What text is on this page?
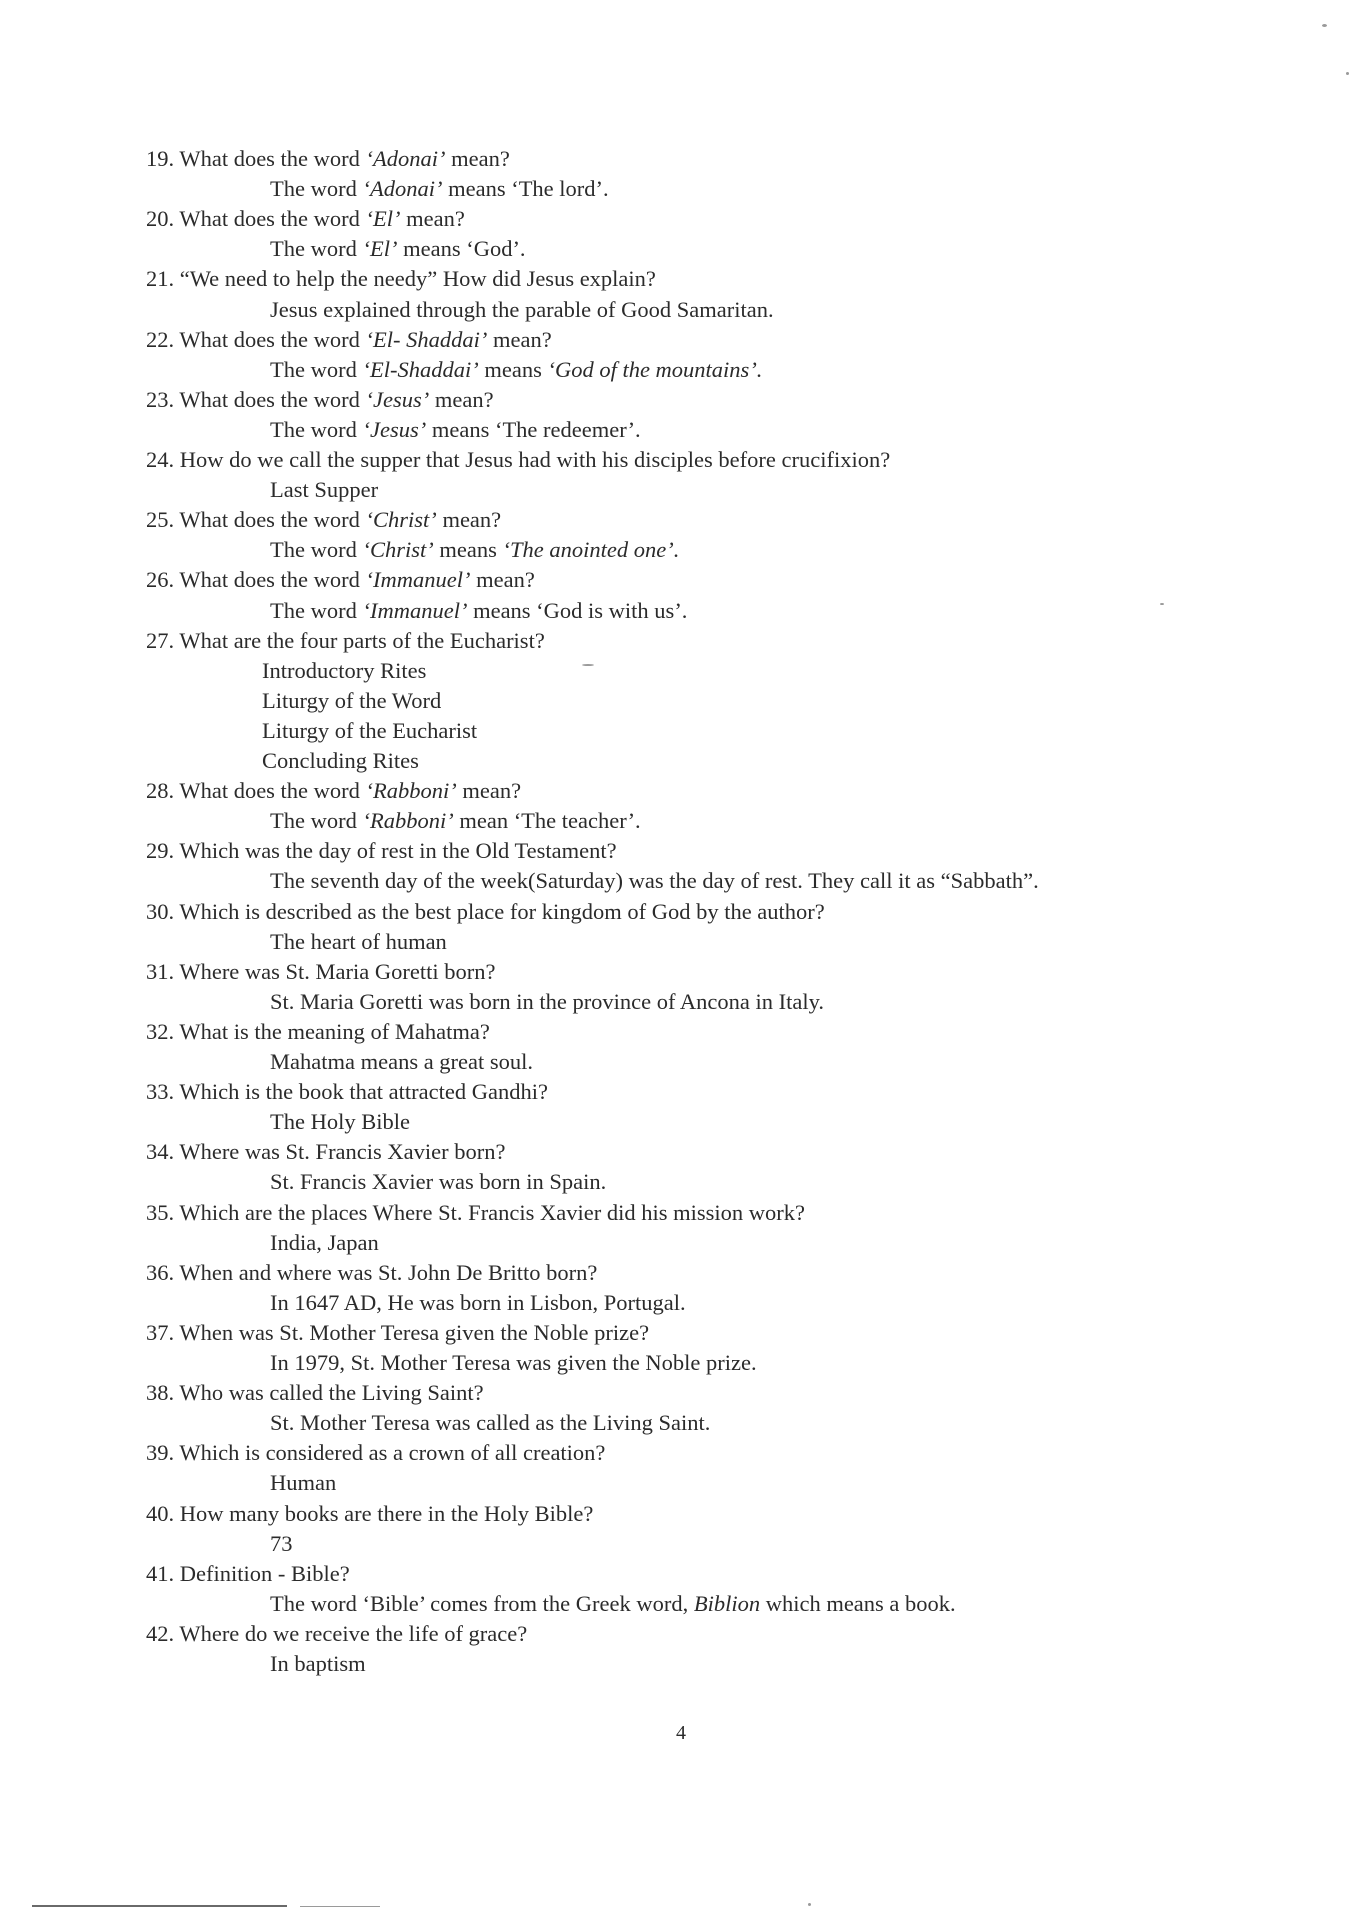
19. What does the word ‘Adonai’ mean?
The word ‘Adonai’ means ‘The lord’.
20. What does the word ‘El’ mean?
The word ‘El’ means ‘God’.
21. “We need to help the needy” How did Jesus explain?
Jesus explained through the parable of Good Samaritan.
22. What does the word ‘El- Shaddai’ mean?
The word ‘El-Shaddai’ means ‘God of the mountains’.
23. What does the word ‘Jesus’ mean?
The word ‘Jesus’ means ‘The redeemer’.
24. How do we call the supper that Jesus had with his disciples before crucifixion?
Last Supper
25. What does the word ‘Christ’ mean?
The word ‘Christ’ means ‘The anointed one’.
26. What does the word ‘Immanuel’ mean?
The word ‘Immanuel’ means ‘God is with us’.
27. What are the four parts of the Eucharist?
Introductory Rites
Liturgy of the Word
Liturgy of the Eucharist
Concluding Rites
28. What does the word ‘Rabboni’ mean?
The word ‘Rabboni’ mean ‘The teacher’.
29. Which was the day of rest in the Old Testament?
The seventh day of the week(Saturday) was the day of rest. They call it as “Sabbath”.
30. Which is described as the best place for kingdom of God by the author?
The heart of human
31. Where was St. Maria Goretti born?
St. Maria Goretti was born in the province of Ancona in Italy.
32. What is the meaning of Mahatma?
Mahatma means a great soul.
33. Which is the book that attracted Gandhi?
The Holy Bible
34. Where was St. Francis Xavier born?
St. Francis Xavier was born in Spain.
35. Which are the places Where St. Francis Xavier did his mission work?
India, Japan
36. When and where was St. John De Britto born?
In 1647 AD, He was born in Lisbon, Portugal.
37. When was St. Mother Teresa given the Noble prize?
In 1979, St. Mother Teresa was given the Noble prize.
38. Who was called the Living Saint?
St. Mother Teresa was called as the Living Saint.
39. Which is considered as a crown of all creation?
Human
40. How many books are there in the Holy Bible?
73
41. Definition - Bible?
The word ‘Bible’ comes from the Greek word, Biblion which means a book.
42. Where do we receive the life of grace?
In baptism
4
